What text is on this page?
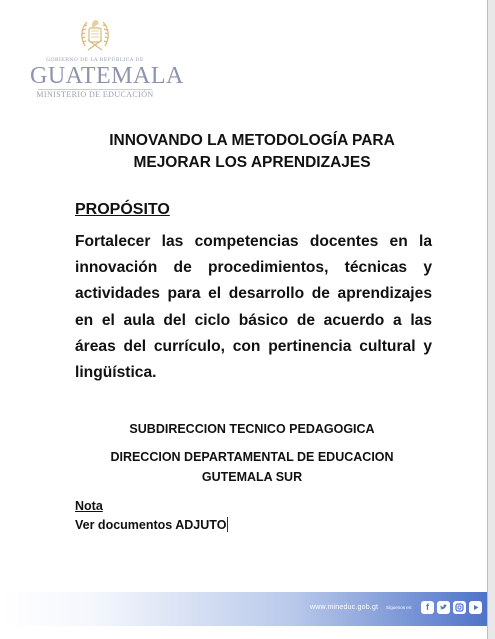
GOBIERNO DE LA REPÚBLICA DE
GUATEMALA
MINISTERIO DE EDUCACIÓN
INNOVANDO LA METODOLOGÍA PARA
MEJORAR LOS APRENDIZAJES
PROPÓSITO
Fortalecer las competencias docentes en la innovación de procedimientos, técnicas y actividades para el desarrollo de aprendizajes en el aula del ciclo básico de acuerdo a las áreas del currículo, con pertinencia cultural y lingüística.
SUBDIRECCION TECNICO PEDAGOGICA
DIRECCION DEPARTAMENTAL DE EDUCACION
GUTEMALA SUR
Nota
Ver documentos ADJUTO
www.mineduc.gob.gt Síguenos en:	f
